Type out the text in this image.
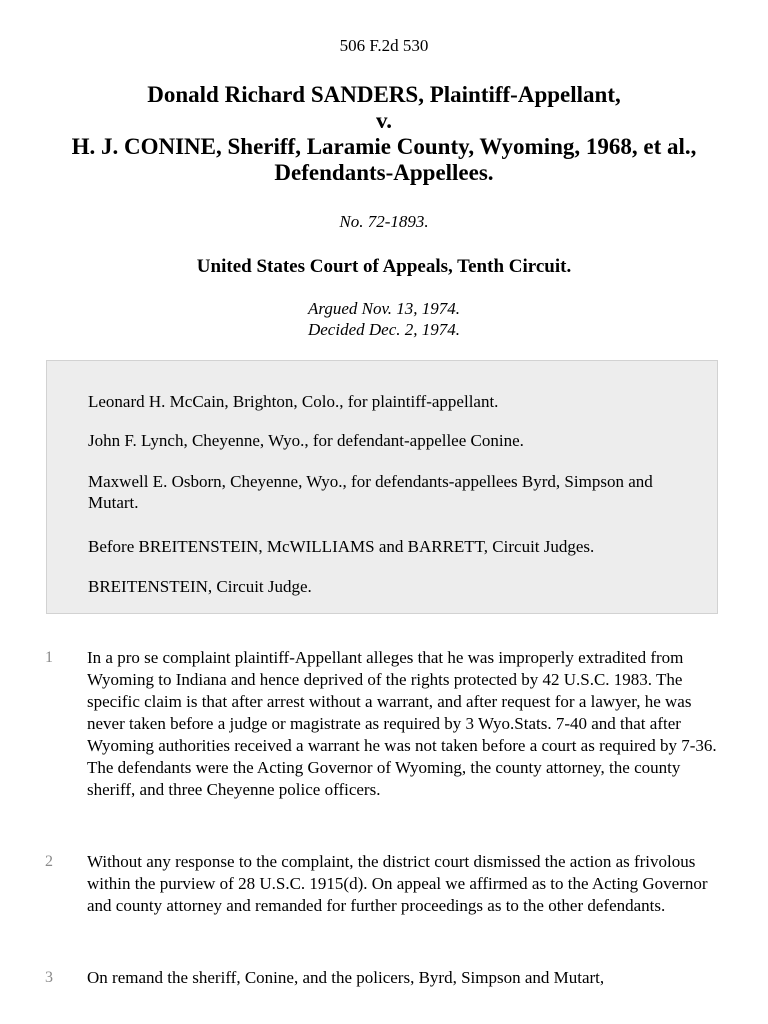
506 F.2d 530
Donald Richard SANDERS, Plaintiff-Appellant,
v.
H. J. CONINE, Sheriff, Laramie County, Wyoming, 1968, et al., Defendants-Appellees.
No. 72-1893.
United States Court of Appeals, Tenth Circuit.
Argued Nov. 13, 1974.
Decided Dec. 2, 1974.

Leonard H. McCain, Brighton, Colo., for plaintiff-appellant.

John F. Lynch, Cheyenne, Wyo., for defendant-appellee Conine.

Maxwell E. Osborn, Cheyenne, Wyo., for defendants-appellees Byrd, Simpson and Mutart.

Before BREITENSTEIN, McWILLIAMS and BARRETT, Circuit Judges.

BREITENSTEIN, Circuit Judge.

1 In a pro se complaint plaintiff-Appellant alleges that he was improperly extradited from Wyoming to Indiana and hence deprived of the rights protected by 42 U.S.C. 1983. The specific claim is that after arrest without a warrant, and after request for a lawyer, he was never taken before a judge or magistrate as required by 3 Wyo.Stats. 7-40 and that after Wyoming authorities received a warrant he was not taken before a court as required by 7-36. The defendants were the Acting Governor of Wyoming, the county attorney, the county sheriff, and three Cheyenne police officers.

2 Without any response to the complaint, the district court dismissed the action as frivolous within the purview of 28 U.S.C. 1915(d). On appeal we affirmed as to the Acting Governor and county attorney and remanded for further proceedings as to the other defendants.

3 On remand the sheriff, Conine, and the policers, Byrd, Simpson and Mutart,
